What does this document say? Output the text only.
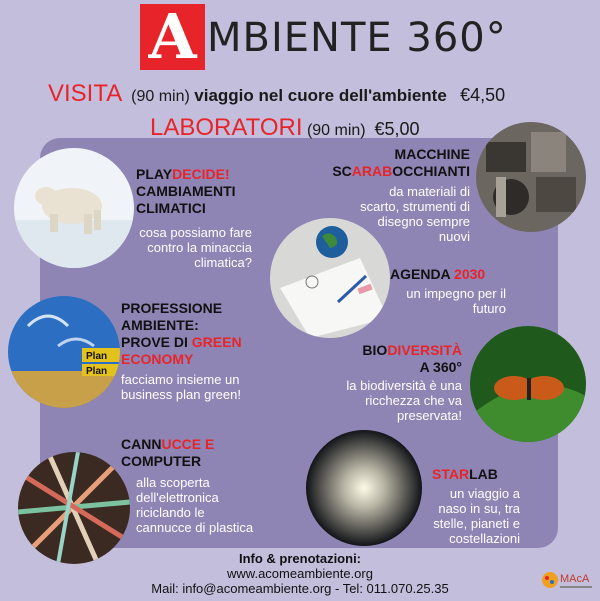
A MBIENTE 360°
VISITA (90 min) viaggio nel cuore dell'ambiente €4,50
LABORATORI (90 min) €5,00
Plan
Plan
PLAYDECIDE!
CAMBIAMENTI
CLIMATICI
cosa possiamo fare
contro la minaccia
climatica?
MACCHINE
SCARABOCCHIANTI
da materiali di
scarto, strumenti di
disegno sempre
nuovi
AGENDA 2030
un impegno per il
futuro
PROFESSIONE
AMBIENTE:
PROVE DI GREEN
ECONOMY
facciamo insieme un
business plan green!
BIODIVERSITÀ
A 360°
la biodiversità è una
ricchezza che va
preservata!
CANNUCCE E
COMPUTER
alla scoperta
dell'elettronica
riciclando le
cannucce di plastica
STARLAB
un viaggio a
naso in su, tra
stelle, pianeti e
costellazioni
Info & prenotazioni:
www.acomeambiente.org
Mail: info@acomeambiente.org - Tel: 011.070.25.35
MAcA
